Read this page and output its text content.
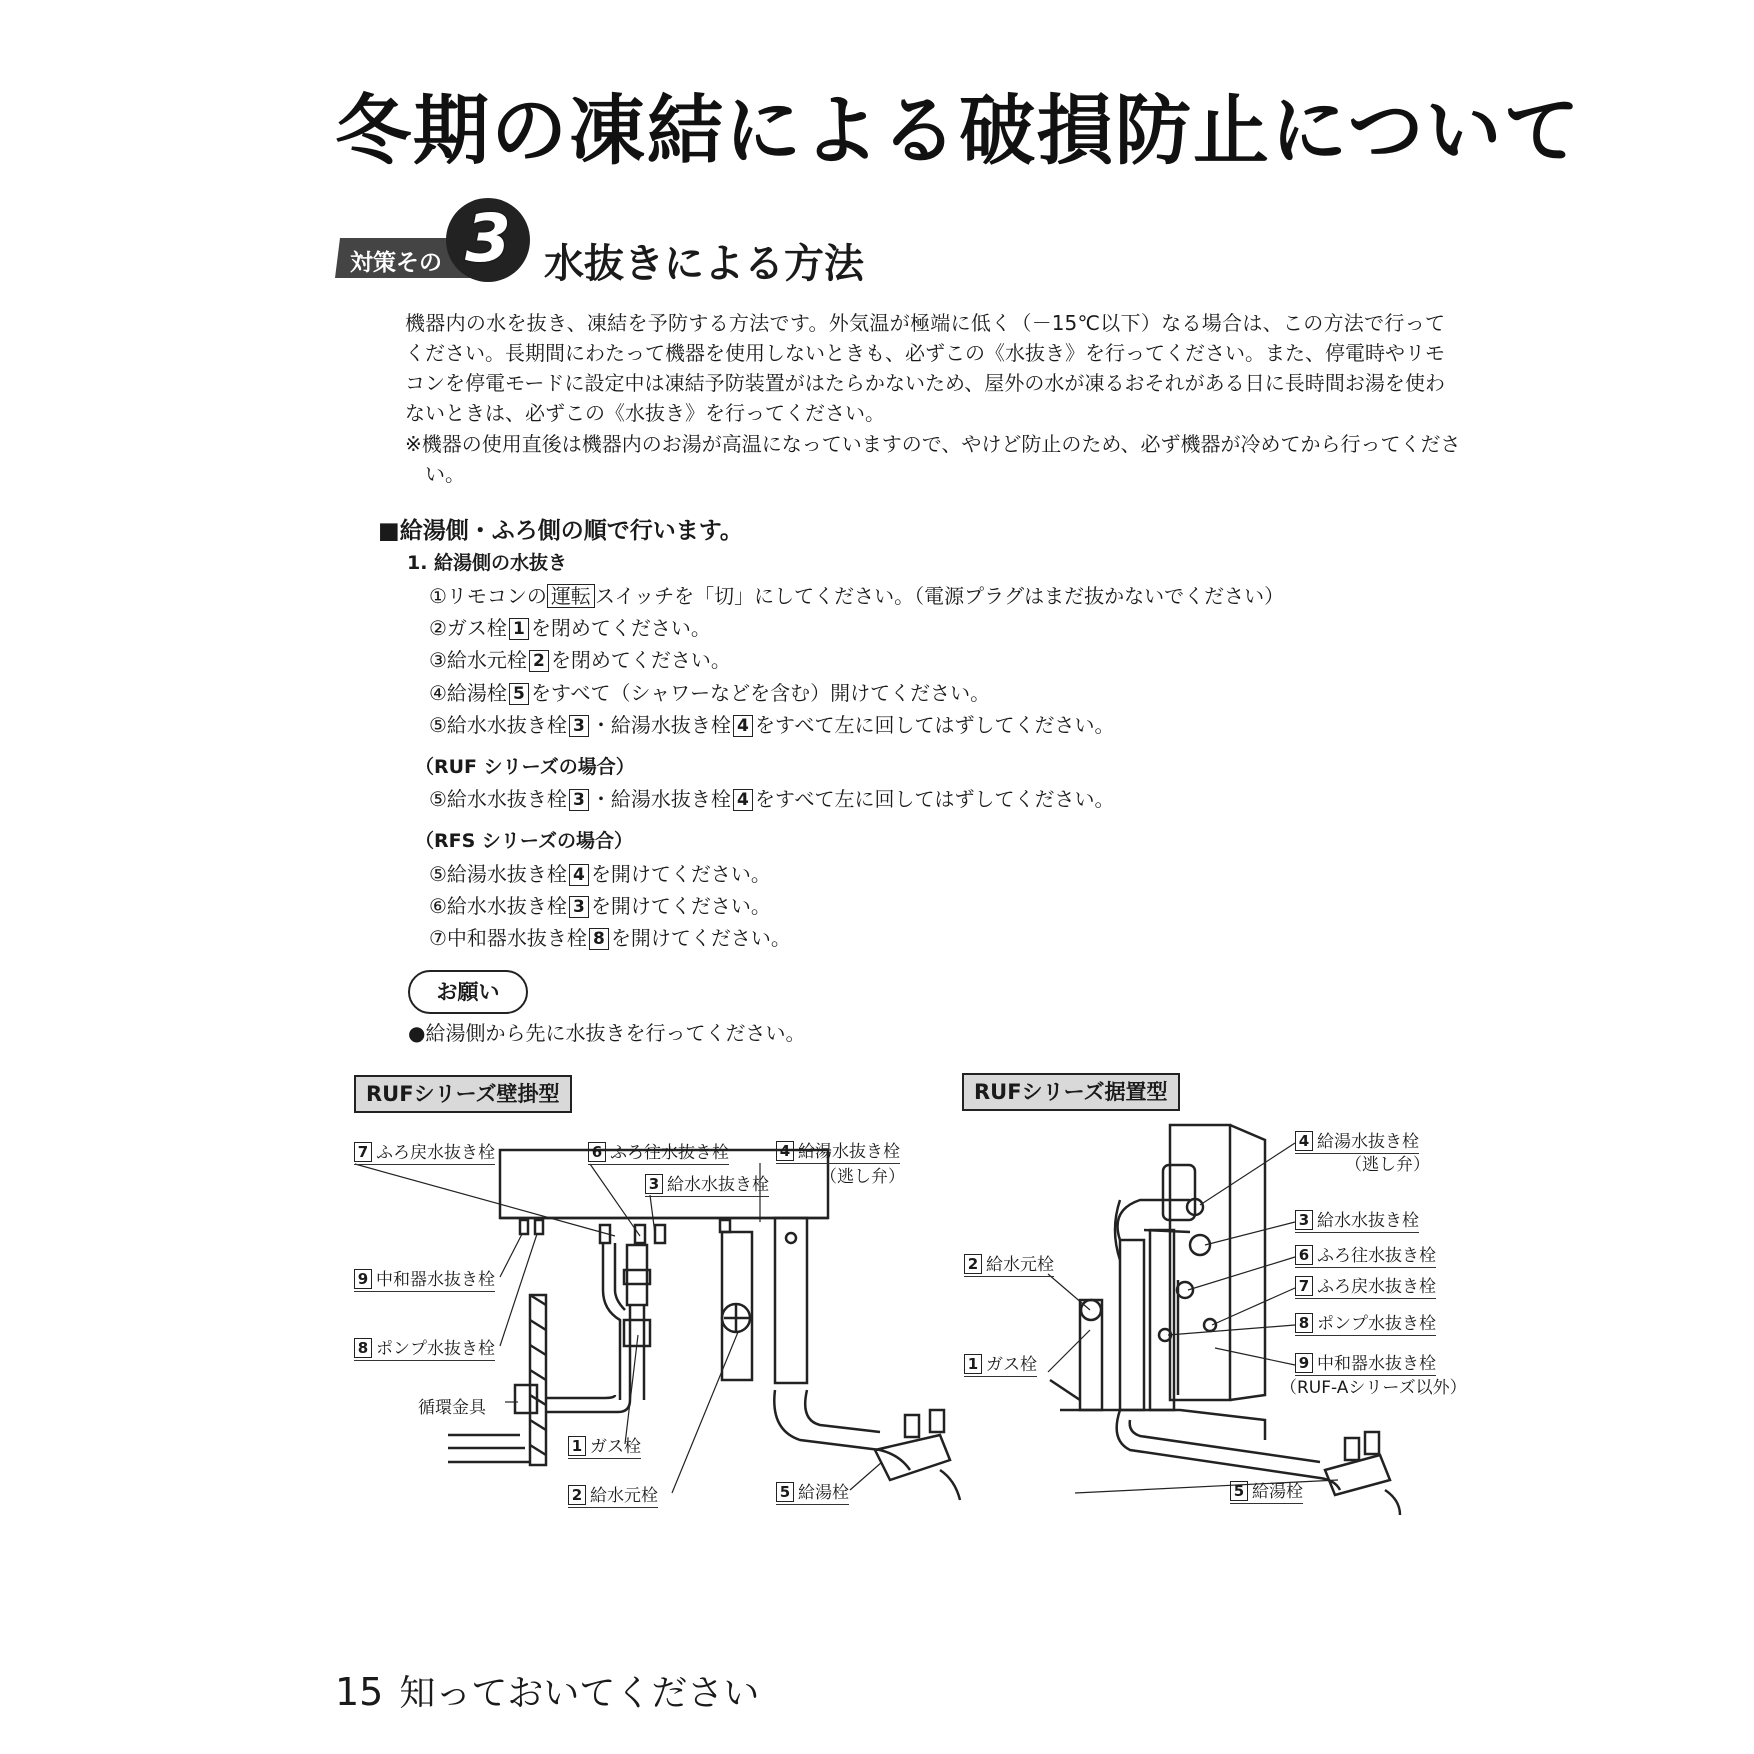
冬期の凍結による破損防止について
対策その 3 水抜きによる方法
機器内の水を抜き、凍結を予防する方法です。外気温が極端に低く（－15℃以下）なる場合は、この方法で行ってください。長期間にわたって機器を使用しないときも、必ずこの《水抜き》を行ってください。また、停電時やリモコンを停電モードに設定中は凍結予防装置がはたらかないため、屋外の水が凍るおそれがある日に長時間お湯を使わないときは、必ずこの《水抜き》を行ってください。
※機器の使用直後は機器内のお湯が高温になっていますので、やけど防止のため、必ず機器が冷めてから行ってください。
■給湯側・ふろ側の順で行います。
1. 給湯側の水抜き
①リモコンの 運転 スイッチを「切」にしてください。（電源プラグはまだ抜かないでください）
②ガス栓 1 を閉めてください。
③給水元栓 2 を閉めてください。
④給湯栓 5 をすべて（シャワーなどを含む）開けてください。
⑤給水水抜き栓 3 ・給湯水抜き栓 4 をすべて左に回してはずしてください。
（RUF シリーズの場合）
⑤給水水抜き栓 3 ・給湯水抜き栓 4 をすべて左に回してはずしてください。
（RFS シリーズの場合）
⑤給湯水抜き栓 4 を開けてください。
⑥給水水抜き栓 3 を開けてください。
⑦中和器水抜き栓 8 を開けてください。
お願い
●給湯側から先に水抜きを行ってください。
RUFシリーズ壁掛型
7 ふろ戻水抜き栓	6 ふろ往水抜き栓	4 給湯水抜き栓
（逃し弁）
3 給水水抜き栓
9 中和器水抜き栓
8 ポンプ水抜き栓
循環金具
1 ガス栓
2 給水元栓	5 給湯栓
RUFシリーズ据置型
4 給湯水抜き栓
（逃し弁）
3 給水水抜き栓
6 ふろ往水抜き栓
7 ふろ戻水抜き栓
8 ポンプ水抜き栓
9 中和器水抜き栓
（RUF-Aシリーズ以外）
2 給水元栓
1 ガス栓
5 給湯栓
15 知っておいてください
